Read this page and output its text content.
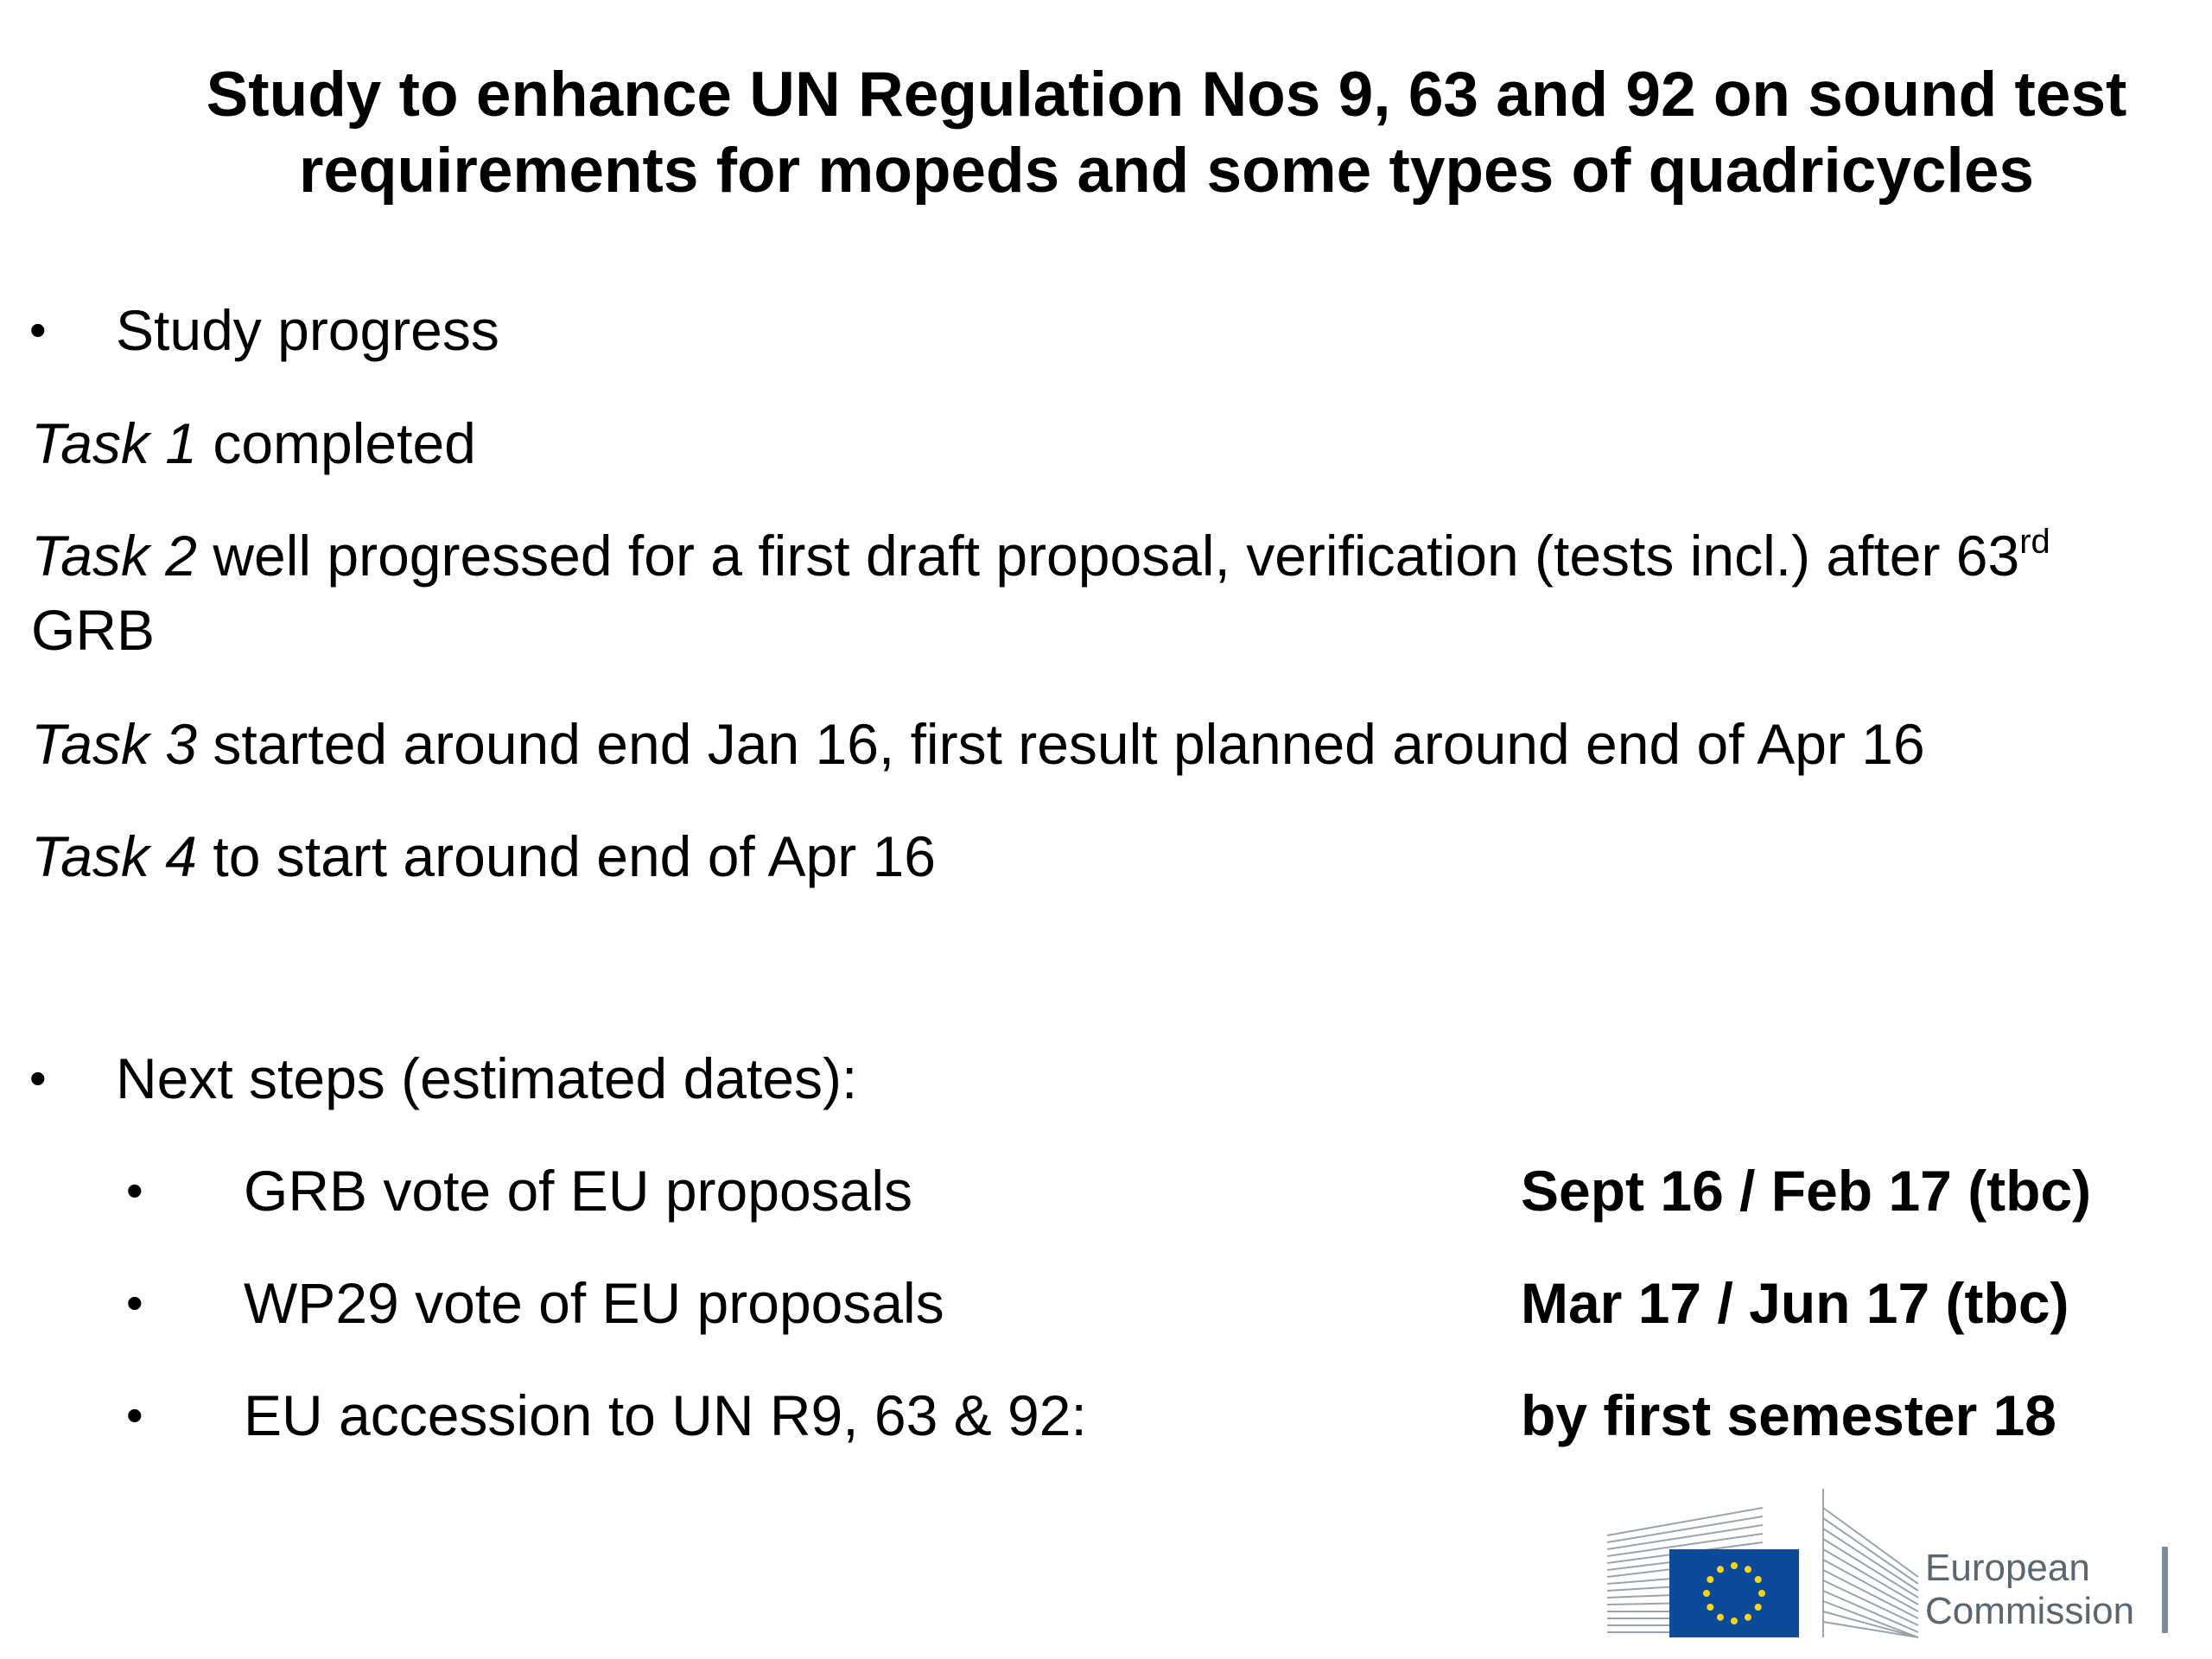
Study to enhance UN Regulation Nos 9, 63 and 92 on sound test requirements for mopeds and some types of quadricycles
• Study progress
Task 1 completed
Task 2 well progressed for a first draft proposal, verification (tests incl.) after 63rd GRB
Task 3 started around end Jan 16, first result planned around end of Apr 16
Task 4 to start around end of Apr 16
• Next steps (estimated dates):
• GRB vote of EU proposals	Sept 16 / Feb 17 (tbc)
• WP29 vote of EU proposals	Mar 17 / Jun 17 (tbc)
• EU accession to UN R9, 63 & 92:	by first semester 18
European
Commission
